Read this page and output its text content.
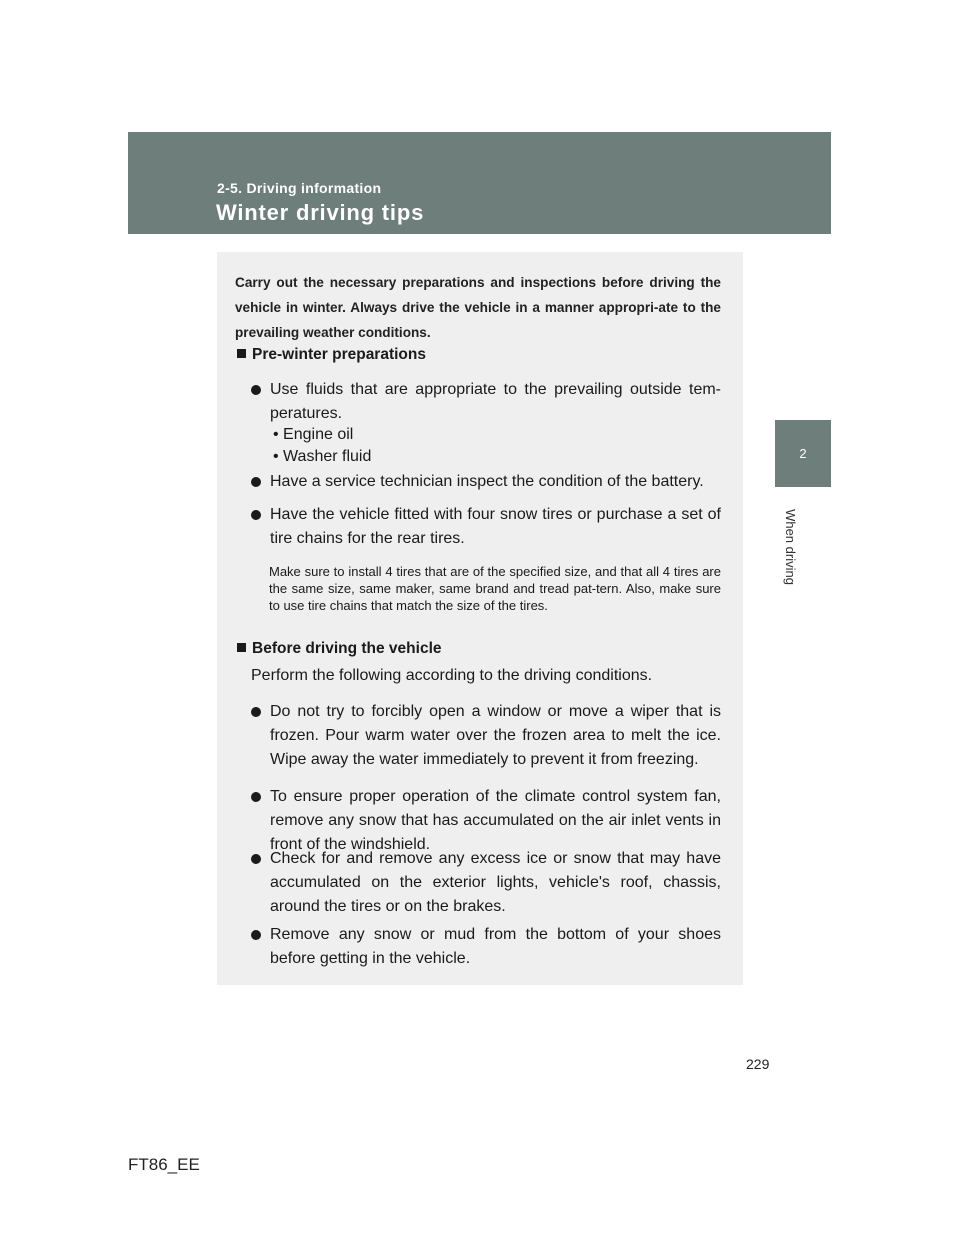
2-5. Driving information
Winter driving tips
2
When driving
Carry out the necessary preparations and inspections before driving the vehicle in winter. Always drive the vehicle in a manner appropri-ate to the prevailing weather conditions.
Pre-winter preparations
Use fluids that are appropriate to the prevailing outside tem-peratures.
• Engine oil
• Washer fluid
Have a service technician inspect the condition of the battery.
Have the vehicle fitted with four snow tires or purchase a set of tire chains for the rear tires.
Make sure to install 4 tires that are of the specified size, and that all 4 tires are the same size, same maker, same brand and tread pat-tern. Also, make sure to use tire chains that match the size of the tires.
Before driving the vehicle
Perform the following according to the driving conditions.
Do not try to forcibly open a window or move a wiper that is frozen. Pour warm water over the frozen area to melt the ice. Wipe away the water immediately to prevent it from freezing.
To ensure proper operation of the climate control system fan, remove any snow that has accumulated on the air inlet vents in front of the windshield.
Check for and remove any excess ice or snow that may have accumulated on the exterior lights, vehicle's roof, chassis, around the tires or on the brakes.
Remove any snow or mud from the bottom of your shoes before getting in the vehicle.
229
FT86_EE
